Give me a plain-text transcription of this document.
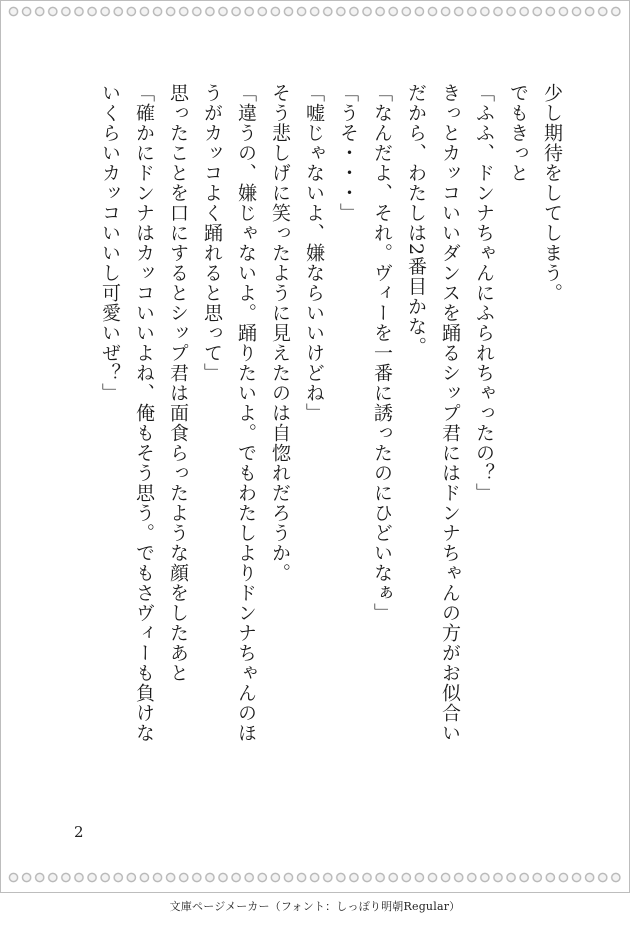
少し期待をしてしまう。
でもきっと
「ふふ、ドンナちゃんにふられちゃったの？」
きっとカッコいいダンスを踊るシップ君にはドンナちゃんの方がお似合い
だから、わたしは2番目かな。
「なんだよ、それ。ヴィーを一番に誘ったのにひどいなぁ」
「うそ・・・」
「嘘じゃないよ、嫌ならいいけどね」
そう悲しげに笑ったように見えたのは自惚れだろうか。
「違うの、嫌じゃないよ。踊りたいよ。でもわたしよりドンナちゃんのほ
うがカッコよく踊れると思って」
思ったことを口にするとシップ君は面食らったような顔をしたあと
「確かにドンナはカッコいいよね、俺もそう思う。でもさヴィーも負けな
いくらいカッコいいし可愛いぜ？」
2
文庫ページメーカー（フォント：しっぽり明朝Regular）
